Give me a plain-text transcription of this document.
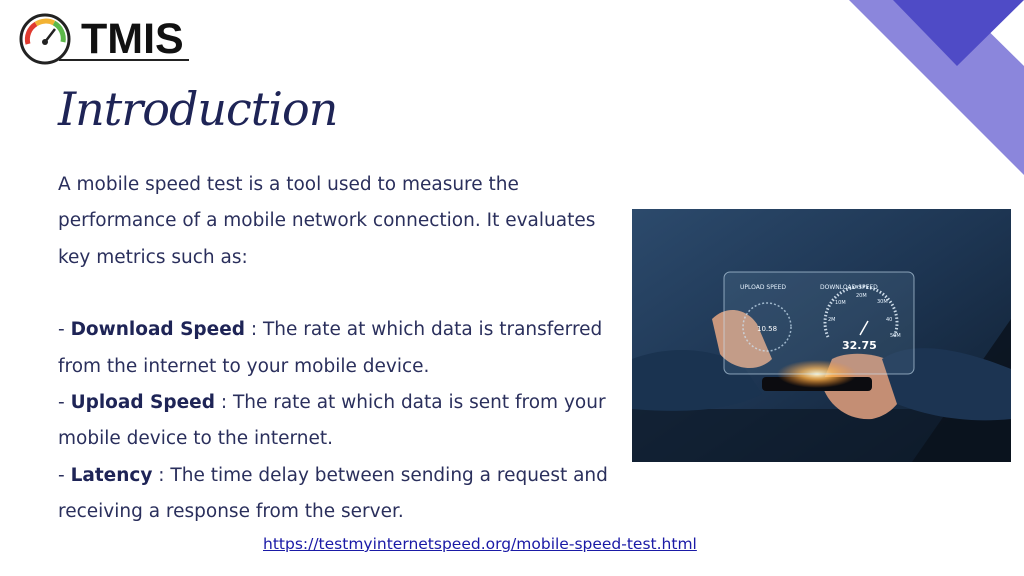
TMIS
Introduction

A mobile speed test is a tool used to measure the performance of a mobile network connection. It evaluates key metrics such as:

- Download Speed : The rate at which data is transferred from the internet to your mobile device.

- Upload Speed : The rate at which data is sent from your mobile device to the internet.

- Latency : The time delay between sending a request and receiving a response from the server.

UPLOAD SPEED	DOWNLOAD SPEED
10.58
10M
20M
30M
2M	40
50M
32.75
https://testmyinternetspeed.org/mobile-speed-test.html
